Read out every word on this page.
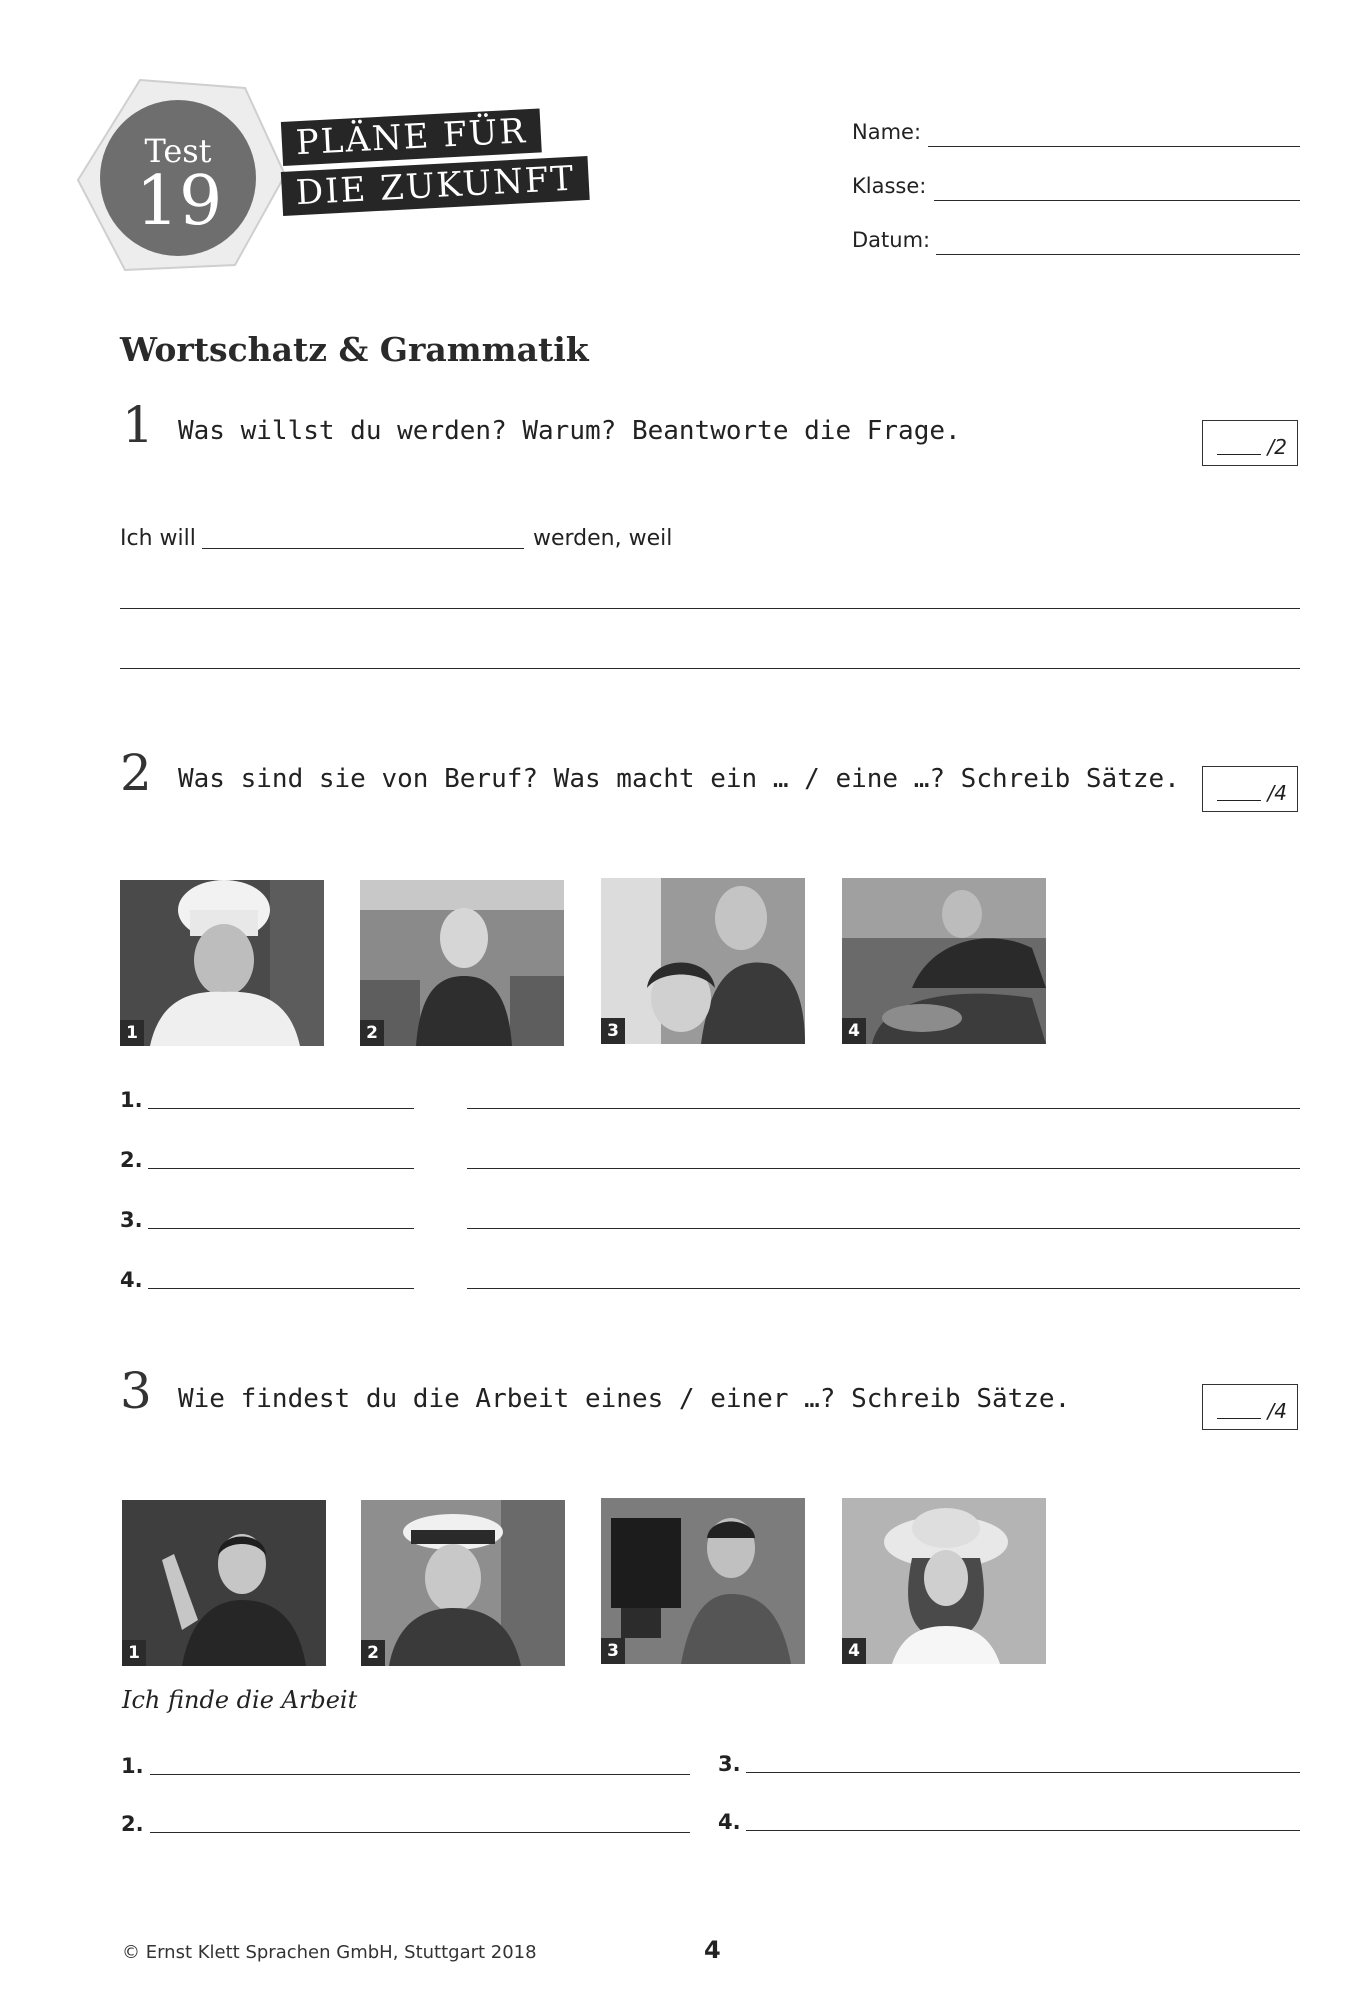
Test
19
PLÄNE FÜR
DIE ZUKUNFT
Name:
Klasse:
Datum:
Wortschatz & Grammatik
1 Was willst du werden? Warum? Beantworte die Frage.
/2
Ich will	werden, weil
2 Was sind sie von Beruf? Was macht ein … / eine …? Schreib Sätze.	/4
1	2	3	4
1.
2.
3.
4.
3 Wie findest du die Arbeit eines / einer …? Schreib Sätze.	/4
1	2	3	4
Ich finde die Arbeit
1.	3.
2.	4.
© Ernst Klett Sprachen GmbH, Stuttgart 2018	4
